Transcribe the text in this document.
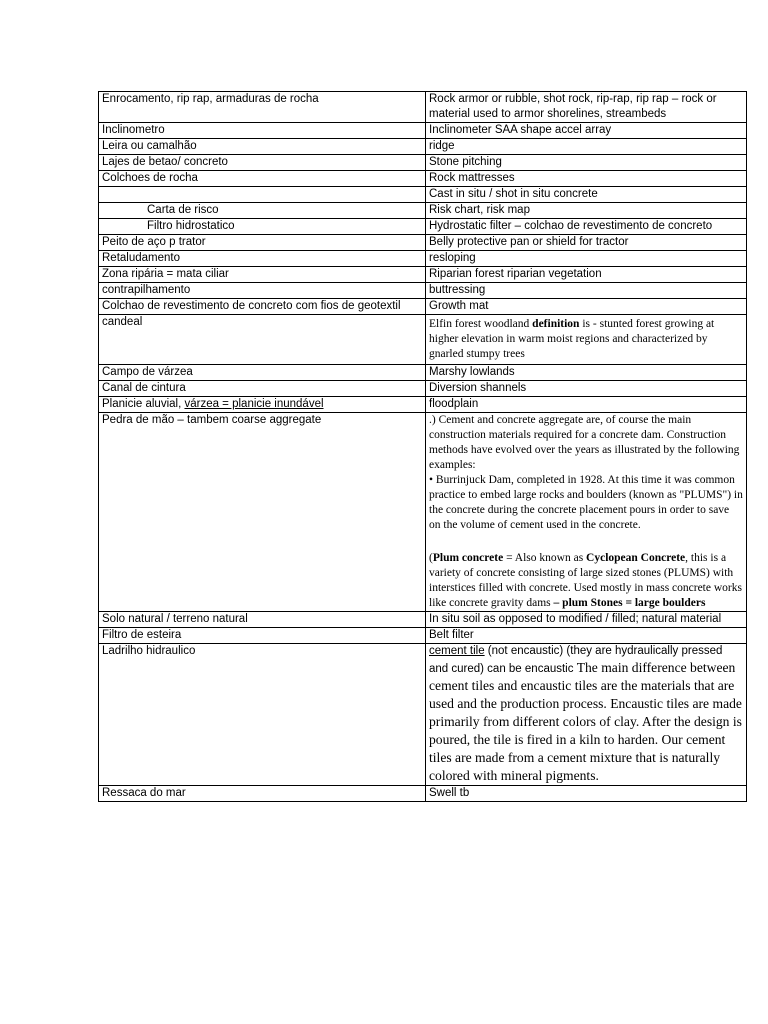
Enrocamento, rip rap, armaduras de rocha	Rock armor or rubble, shot rock, rip-rap, rip rap – rock or material used to armor shorelines, streambeds
Inclinometro	Inclinometer SAA shape accel array
Leira ou camalhão	ridge
Lajes de betao/ concreto	Stone pitching
Colchoes de rocha	Rock mattresses
	Cast in situ / shot in situ concrete
Carta de risco	Risk chart, risk map
Filtro hidrostatico	Hydrostatic filter – colchao de revestimento de concreto
Peito de aço p trator	Belly protective pan or shield for tractor
Retaludamento	resloping
Zona ripária = mata ciliar	Riparian forest riparian vegetation
contrapilhamento	buttressing
Colchao de revestimento de concreto com fios de geotextil	Growth mat
candeal	Elfin forest woodland definition is - stunted forest growing at higher elevation in warm moist regions and characterized by gnarled stumpy trees
Campo de várzea	Marshy lowlands
Canal de cintura	Diversion shannels
Planicie aluvial, várzea = planicie inundável	floodplain
Pedra de mão – tambem coarse aggregate	.) Cement and concrete aggregate are, of course the main construction materials required for a concrete dam. Construction methods have evolved over the years as illustrated by the following examples:
• Burrinjuck Dam, completed in 1928. At this time it was common practice to embed large rocks and boulders (known as "PLUMS") in the concrete during the concrete placement pours in order to save on the volume of cement used in the concrete.
(Plum concrete = Also known as Cyclopean Concrete, this is a variety of concrete consisting of large sized stones (PLUMS) with interstices filled with concrete. Used mostly in mass concrete works like concrete gravity dams – plum Stones = large boulders

Solo natural / terreno natural	In situ soil as opposed to modified / filled; natural material
Filtro de esteira	Belt filter
Ladrilho hidraulico	cement tile (not encaustic) (they are hydraulically pressed and cured) can be encaustic The main difference between cement tiles and encaustic tiles are the materials that are used and the production process. Encaustic tiles are made primarily from different colors of clay. After the design is poured, the tile is fired in a kiln to harden. Our cement tiles are made from a cement mixture that is naturally colored with mineral pigments.
Ressaca do mar	Swell tb
